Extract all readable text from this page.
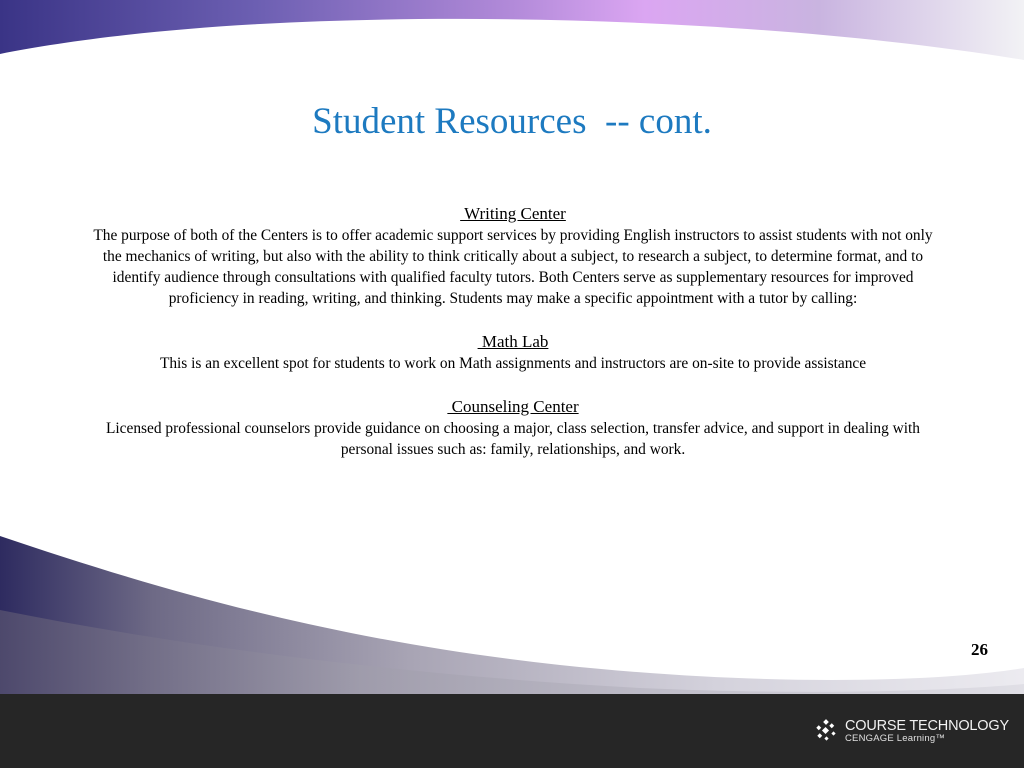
Student Resources  -- cont.
Writing Center
The purpose of both of the Centers is to offer academic support services by providing English instructors to assist students with not only the mechanics of writing, but also with the ability to think critically about a subject, to research a subject, to determine format, and to identify audience through consultations with qualified faculty tutors. Both Centers serve as supplementary resources for improved proficiency in reading, writing, and thinking. Students may make a specific appointment with a tutor by calling:
Math Lab
This is an excellent spot for students to work on Math assignments and instructors are on-site to provide assistance
Counseling Center
Licensed professional counselors provide guidance on choosing a major, class selection, transfer advice, and support in dealing with personal issues such as: family, relationships, and work.
26
COURSE TECHNOLOGY
CENGAGE Learning™
